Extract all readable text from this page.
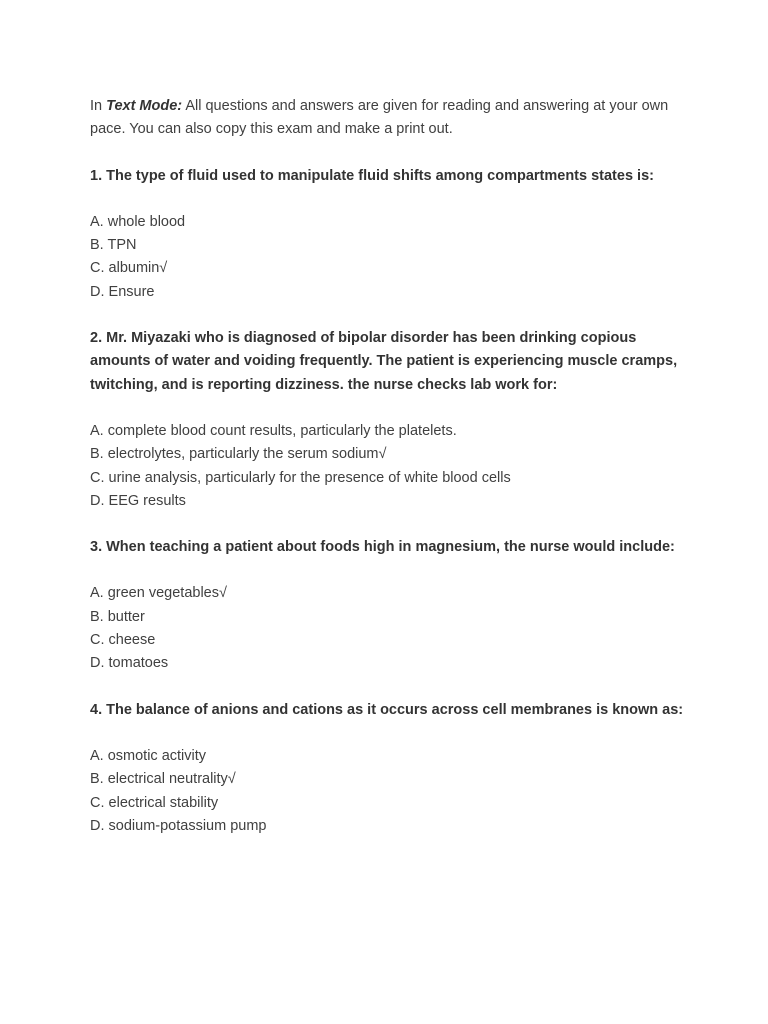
In Text Mode: All questions and answers are given for reading and answering at your own pace. You can also copy this exam and make a print out.

1. The type of fluid used to manipulate fluid shifts among compartments states is:

A. whole blood
B. TPN
C. albumin√
D. Ensure

2. Mr. Miyazaki who is diagnosed of bipolar disorder has been drinking copious amounts of water and voiding frequently. The patient is experiencing muscle cramps, twitching, and is reporting dizziness. the nurse checks lab work for:

A. complete blood count results, particularly the platelets.
B. electrolytes, particularly the serum sodium√
C. urine analysis, particularly for the presence of white blood cells
D. EEG results

3. When teaching a patient about foods high in magnesium, the nurse would include:

A. green vegetables√
B. butter
C. cheese
D. tomatoes

4. The balance of anions and cations as it occurs across cell membranes is known as:

A. osmotic activity
B. electrical neutrality√
C. electrical stability
D. sodium-potassium pump
